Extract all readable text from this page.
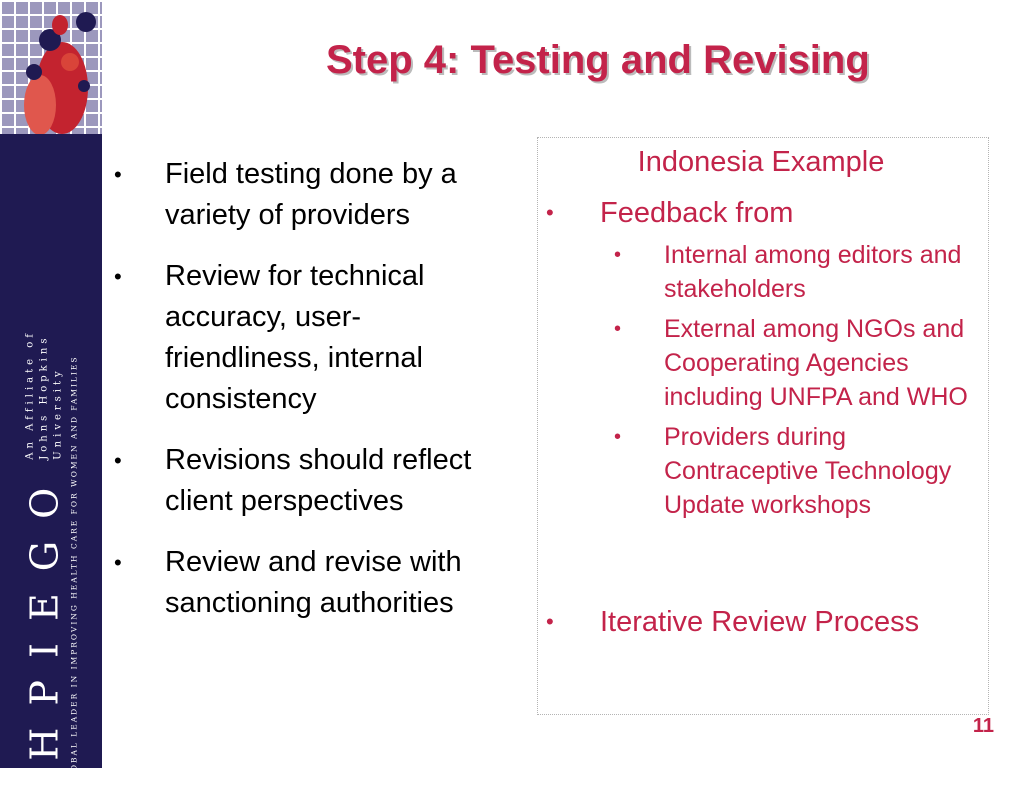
JHPIEGO
An Affiliate of Johns Hopkins University A GLOBAL LEADER IN IMPROVING HEALTH CARE FOR WOMEN AND FAMILIES
Step 4: Testing and Revising
• Field testing done by a variety of providers
• Review for technical accuracy, user-friendliness, internal consistency
• Revisions should reflect client perspectives
• Review and revise with sanctioning authorities
Indonesia Example
• Feedback from
• Internal among editors and stakeholders
• External among NGOs and Cooperating Agencies including UNFPA and WHO
• Providers during Contraceptive Technology Update workshops
• Iterative Review Process
11
